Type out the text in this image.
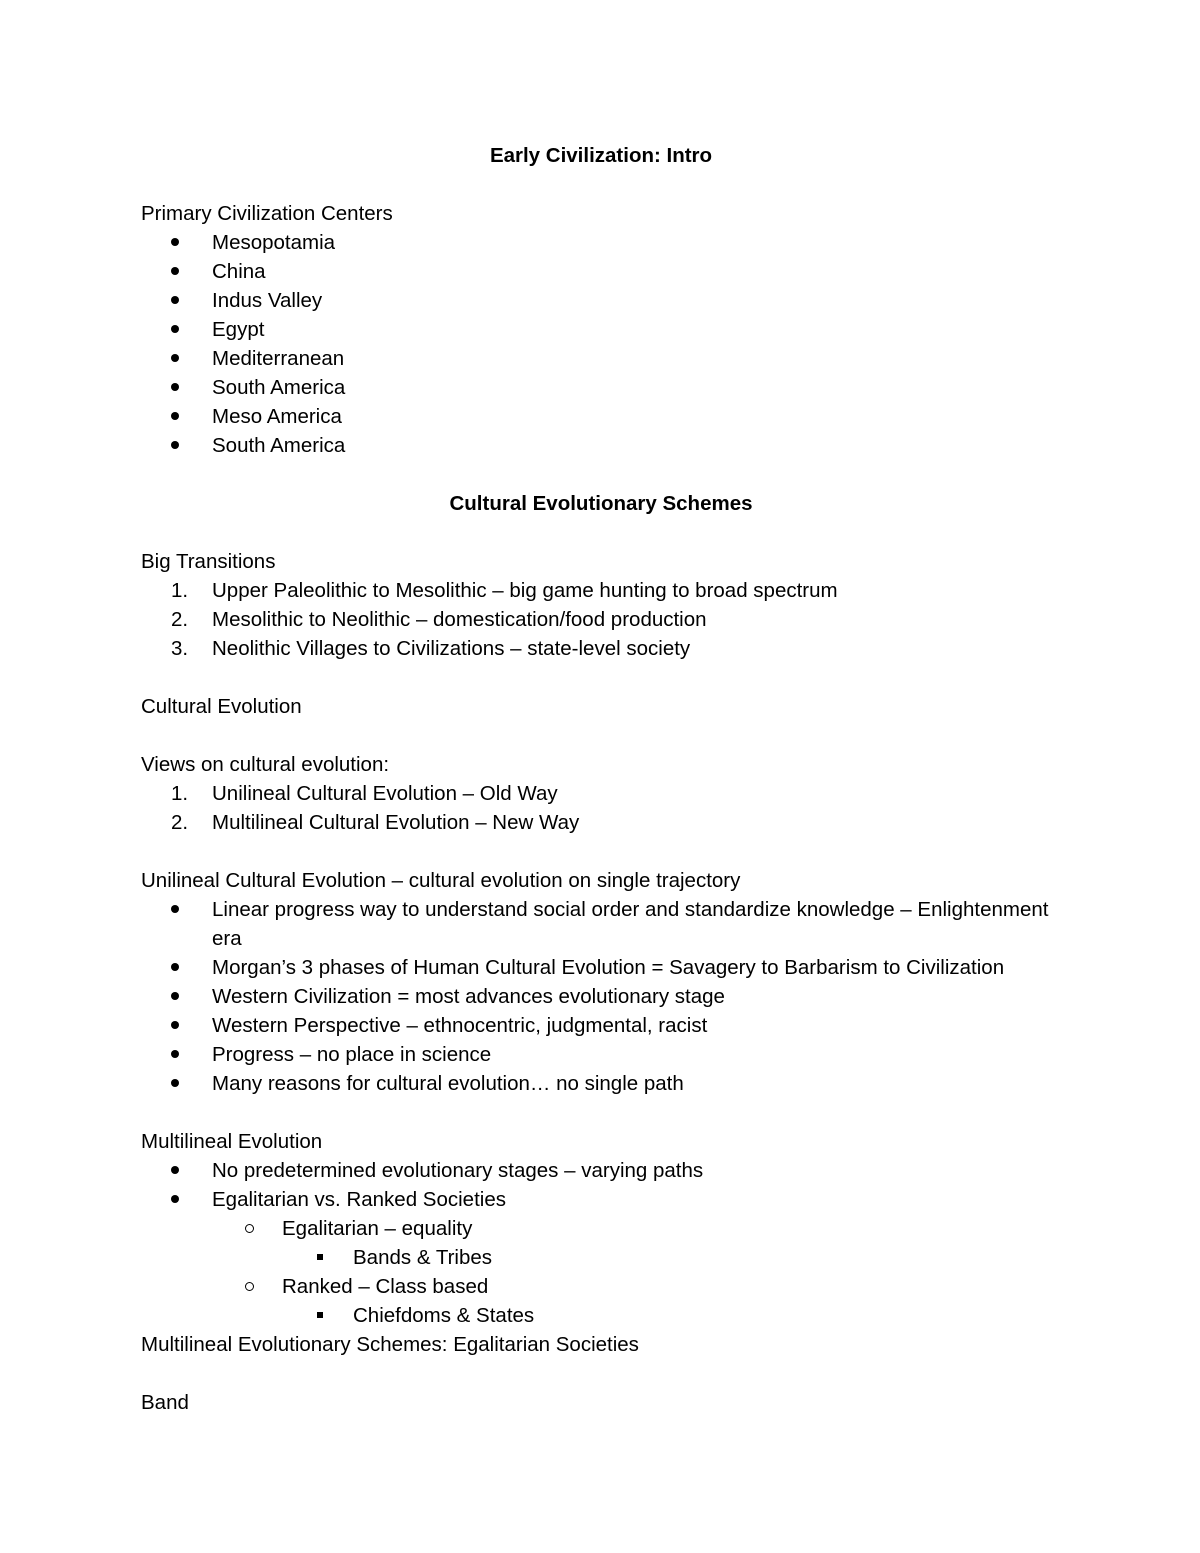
Early Civilization: Intro

Primary Civilization Centers

Mesopotamia
China
Indus Valley
Egypt
Mediterranean
South America
Meso America
South America

Cultural Evolutionary Schemes

Big Transitions

1.	Upper Paleolithic to Mesolithic – big game hunting to broad spectrum
2.	Mesolithic to Neolithic – domestication/food production
3.	Neolithic Villages to Civilizations – state-level society

Cultural Evolution

Views on cultural evolution:

1.	Unilineal Cultural Evolution – Old Way
2.	Multilineal Cultural Evolution – New Way

Unilineal Cultural Evolution – cultural evolution on single trajectory

Linear progress way to understand social order and standardize knowledge – Enlightenment era
Morgan’s 3 phases of Human Cultural Evolution = Savagery to Barbarism to Civilization
Western Civilization = most advances evolutionary stage
Western Perspective – ethnocentric, judgmental, racist
Progress – no place in science
Many reasons for cultural evolution… no single path

Multilineal Evolution

No predetermined evolutionary stages – varying paths
Egalitarian vs. Ranked Societies
Egalitarian – equality
Bands & Tribes
Ranked – Class based
Chiefdoms & States

Multilineal Evolutionary Schemes: Egalitarian Societies

Band
